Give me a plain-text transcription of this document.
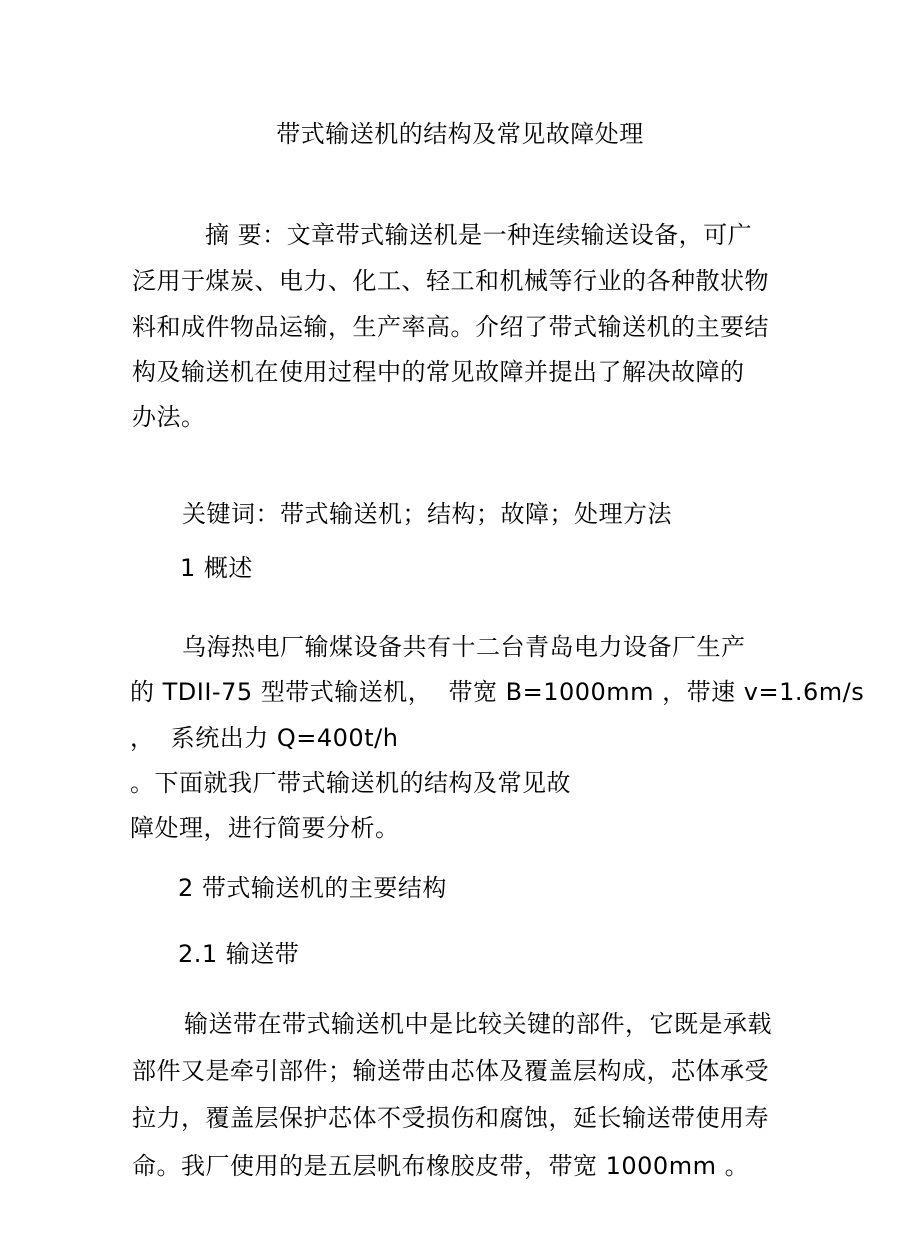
带式输送机的结构及常见故障处理
摘 要：文章带式输送机是一种连续输送设备，可广
泛用于煤炭、电力、化工、轻工和机械等行业的各种散状物
料和成件物品运输，生产率高。介绍了带式输送机的主要结
构及输送机在使用过程中的常见故障并提出了解决故障的
办法。
关键词：带式输送机；结构；故障；处理方法
1 概述
乌海热电厂输煤设备共有十二台青岛电力设备厂生产
的 TDII-75 型带式输送机，  带宽 B=1000mm ，带速 v=1.6m/s
，  系统出力 Q=400t/h
。下面就我厂带式输送机的结构及常见故
障处理，进行简要分析。
2 带式输送机的主要结构
2.1 输送带
输送带在带式输送机中是比较关键的部件，它既是承载
部件又是牵引部件；输送带由芯体及覆盖层构成，芯体承受
拉力，覆盖层保护芯体不受损伤和腐蚀，延长输送带使用寿
命。我厂使用的是五层帆布橡胶皮带，带宽 1000mm 。
